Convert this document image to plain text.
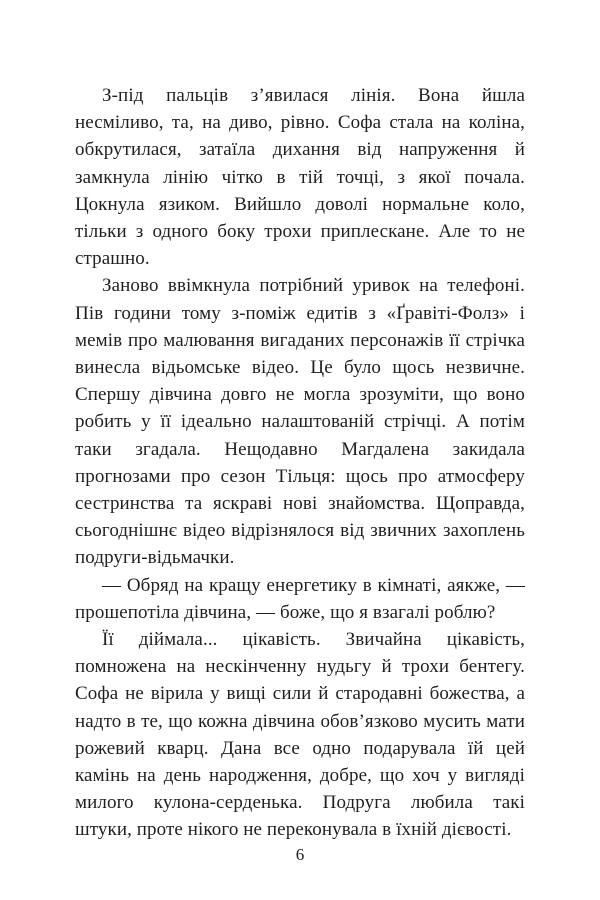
З-під пальців з’явилася лінія. Вона йшла несміливо, та, на диво, рівно. Софа стала на коліна, обкрутилася, затаїла дихання від напруження й замкнула лінію чітко в тій точці, з якої почала. Цокнула язиком. Вийшло доволі нормальне коло, тільки з одного боку трохи приплескане. Але то не страшно.

Заново ввімкнула потрібний уривок на телефоні. Пів години тому з-поміж едитів з «Ґравіті-Фолз» і мемів про малювання вигаданих персонажів її стрічка винесла відьомське відео. Це було щось незвичне. Спершу дівчина довго не могла зрозуміти, що воно робить у її ідеально налаштованій стрічці. А потім таки згадала. Нещодавно Магдалена закидала прогнозами про сезон Тільця: щось про атмосферу сестринства та яскраві нові знайомства. Щоправда, сьогоднішнє відео відрізнялося від звичних захоплень подруги-відьмачки.

— Обряд на кращу енергетику в кімнаті, аякже, — прошепотіла дівчина, — боже, що я взагалі роблю?

Її діймала... цікавість. Звичайна цікавість, помножена на нескінченну нудьгу й трохи бентегу. Софа не вірила у вищі сили й стародавні божества, а надто в те, що кожна дівчина обов’язково мусить мати рожевий кварц. Дана все одно подарувала їй цей камінь на день народження, добре, що хоч у вигляді милого кулона-серденька. Подруга любила такі штуки, проте нікого не переконувала в їхній дієвості.

6
